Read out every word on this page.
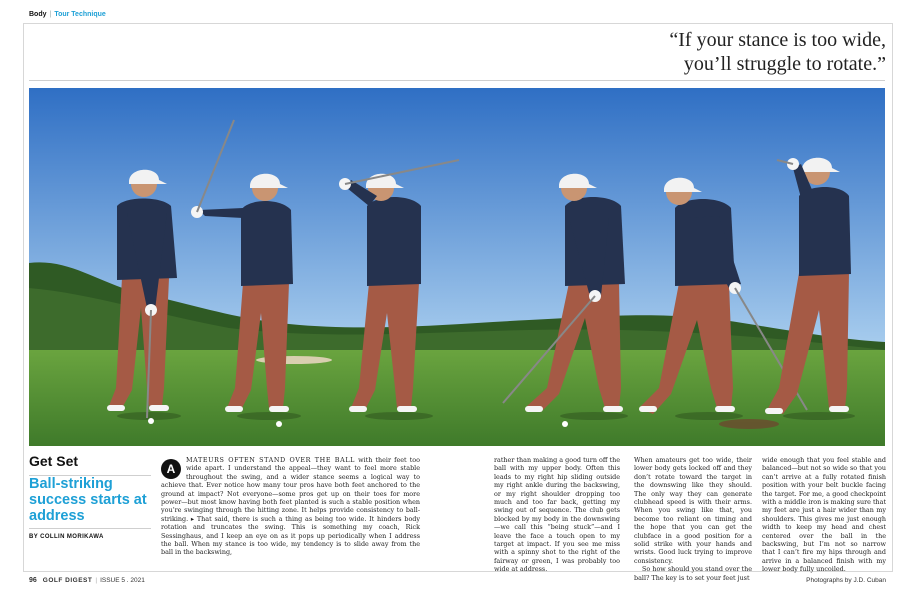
Body | Tour Technique
“If your stance is too wide,
you’ll struggle to rotate.”
Get Set
Ball-striking success starts at address
BY COLLIN MORIKAWA
A
MATEURS OFTEN STAND OVER THE BALL with their feet too wide apart. I understand the appeal—they want to feel more stable throughout the swing, and a wider stance seems a logical way to achieve that. Ever notice how many tour pros have both feet anchored to the ground at impact? Not everyone—some pros get up on their toes for more power—but most know having both feet planted is such a stable position when you’re swinging through the hitting zone. It helps provide consistency to ball-striking. ▸ That said, there is such a thing as being too wide. It hinders body rotation and truncates the swing. This is something my coach, Rick Sessinghaus, and I keep an eye on as it pops up periodically when I address the ball. When my stance is too wide, my tendency is to slide away from the ball in the backswing,

rather than making a good turn off the ball with my upper body. Often this leads to my right hip sliding outside my right ankle during the backswing, or my right shoulder dropping too much and too far back, getting my swing out of sequence. The club gets blocked by my body in the downswing—we call this “being stuck”—and I leave the face a touch open to my target at impact. If you see me miss with a spinny shot to the right of the fairway or green, I was probably too wide at address.

When amateurs get too wide, their lower body gets locked off and they don’t rotate toward the target in the downswing like they should. The only way they can generate clubhead speed is with their arms. When you swing like that, you become too reliant on timing and the hope that you can get the clubface in a good position for a solid strike with your hands and wrists. Good luck trying to improve consistency.

So how should you stand over the ball? The key is to set your feet just

wide enough that you feel stable and balanced—but not so wide so that you can’t arrive at a fully rotated finish position with your belt buckle facing the target. For me, a good checkpoint with a middle iron is making sure that my feet are just a hair wider than my shoulders. This gives me just enough width to keep my head and chest centered over the ball in the backswing, but I’m not so narrow that I can’t fire my hips through and arrive in a balanced finish with my lower body fully uncoiled.

96 GOLF DIGEST | ISSUE 5 . 2021	Photographs by J.D. Cuban
